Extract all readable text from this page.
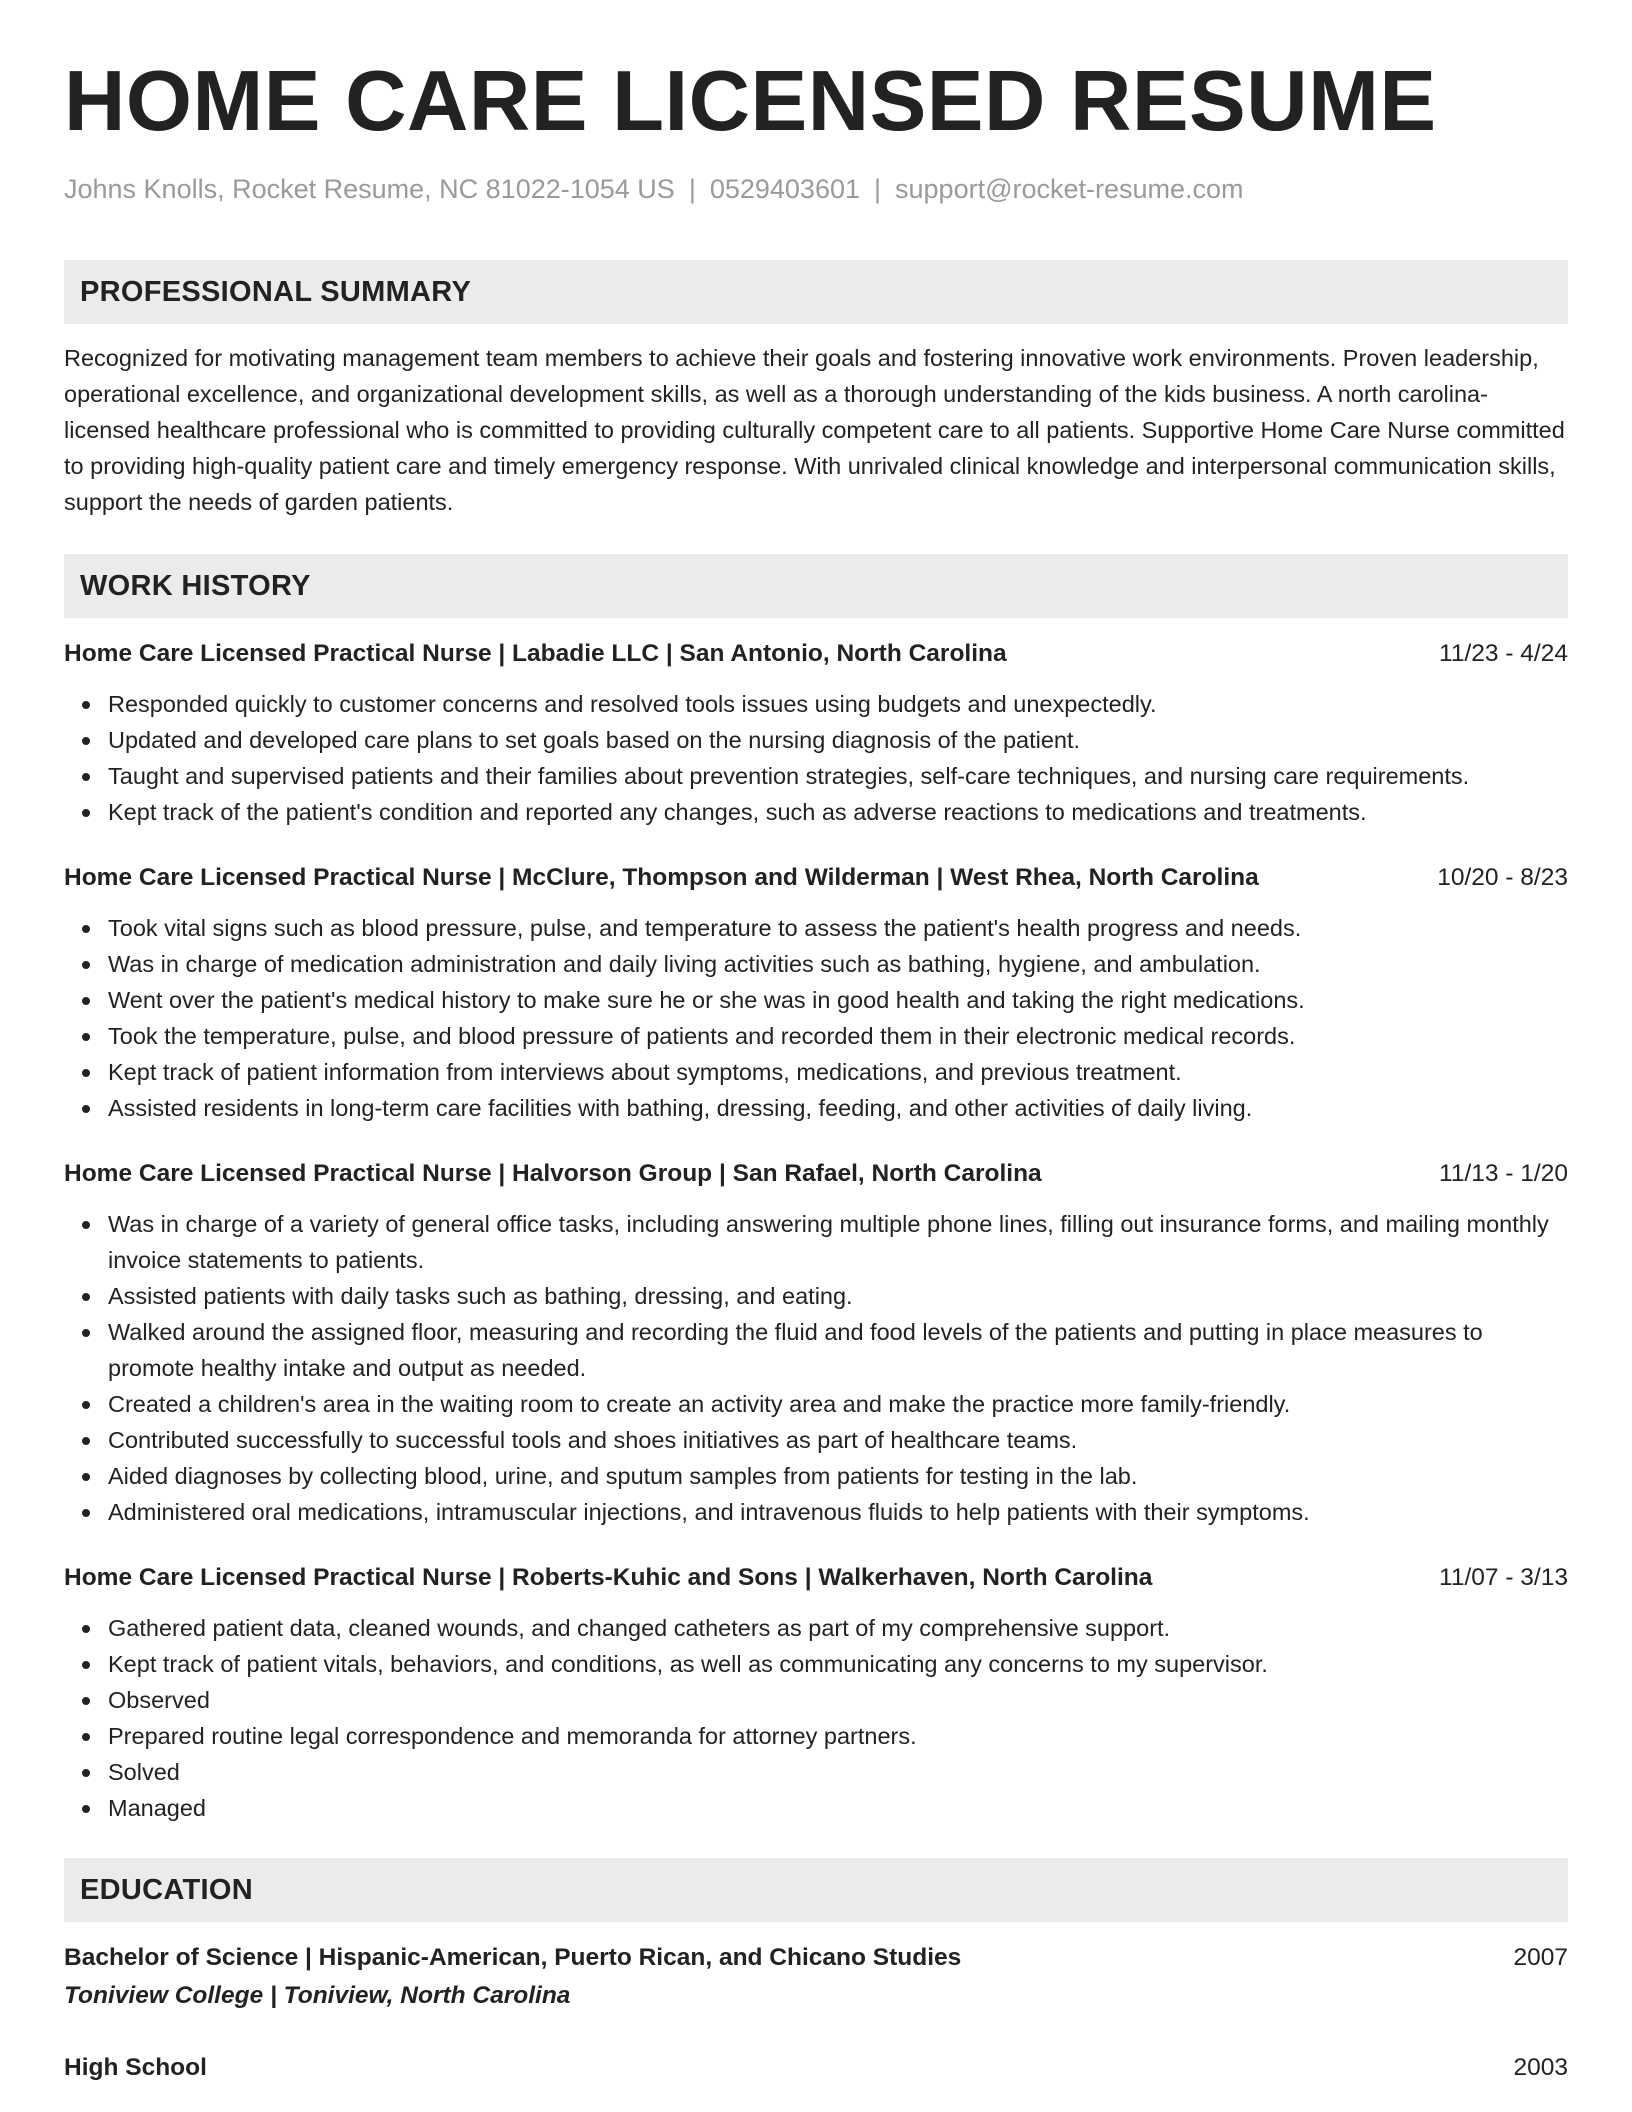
HOME CARE LICENSED RESUME
Johns Knolls, Rocket Resume, NC 81022-1054 US | 0529403601 | support@rocket-resume.com
PROFESSIONAL SUMMARY
Recognized for motivating management team members to achieve their goals and fostering innovative work environments. Proven leadership, operational excellence, and organizational development skills, as well as a thorough understanding of the kids business. A north carolina-licensed healthcare professional who is committed to providing culturally competent care to all patients. Supportive Home Care Nurse committed to providing high-quality patient care and timely emergency response. With unrivaled clinical knowledge and interpersonal communication skills, support the needs of garden patients.
WORK HISTORY
Home Care Licensed Practical Nurse | Labadie LLC | San Antonio, North Carolina	11/23 - 4/24
Responded quickly to customer concerns and resolved tools issues using budgets and unexpectedly.
Updated and developed care plans to set goals based on the nursing diagnosis of the patient.
Taught and supervised patients and their families about prevention strategies, self-care techniques, and nursing care requirements.
Kept track of the patient's condition and reported any changes, such as adverse reactions to medications and treatments.
Home Care Licensed Practical Nurse | McClure, Thompson and Wilderman | West Rhea, North Carolina	10/20 - 8/23
Took vital signs such as blood pressure, pulse, and temperature to assess the patient's health progress and needs.
Was in charge of medication administration and daily living activities such as bathing, hygiene, and ambulation.
Went over the patient's medical history to make sure he or she was in good health and taking the right medications.
Took the temperature, pulse, and blood pressure of patients and recorded them in their electronic medical records.
Kept track of patient information from interviews about symptoms, medications, and previous treatment.
Assisted residents in long-term care facilities with bathing, dressing, feeding, and other activities of daily living.
Home Care Licensed Practical Nurse | Halvorson Group | San Rafael, North Carolina	11/13 - 1/20
Was in charge of a variety of general office tasks, including answering multiple phone lines, filling out insurance forms, and mailing monthly invoice statements to patients.
Assisted patients with daily tasks such as bathing, dressing, and eating.
Walked around the assigned floor, measuring and recording the fluid and food levels of the patients and putting in place measures to promote healthy intake and output as needed.
Created a children's area in the waiting room to create an activity area and make the practice more family-friendly.
Contributed successfully to successful tools and shoes initiatives as part of healthcare teams.
Aided diagnoses by collecting blood, urine, and sputum samples from patients for testing in the lab.
Administered oral medications, intramuscular injections, and intravenous fluids to help patients with their symptoms.
Home Care Licensed Practical Nurse | Roberts-Kuhic and Sons | Walkerhaven, North Carolina	11/07 - 3/13
Gathered patient data, cleaned wounds, and changed catheters as part of my comprehensive support.
Kept track of patient vitals, behaviors, and conditions, as well as communicating any concerns to my supervisor.
Observed
Prepared routine legal correspondence and memoranda for attorney partners.
Solved
Managed
EDUCATION
Bachelor of Science | Hispanic-American, Puerto Rican, and Chicano Studies	2007
Toniview College | Toniview, North Carolina
High School	2003
